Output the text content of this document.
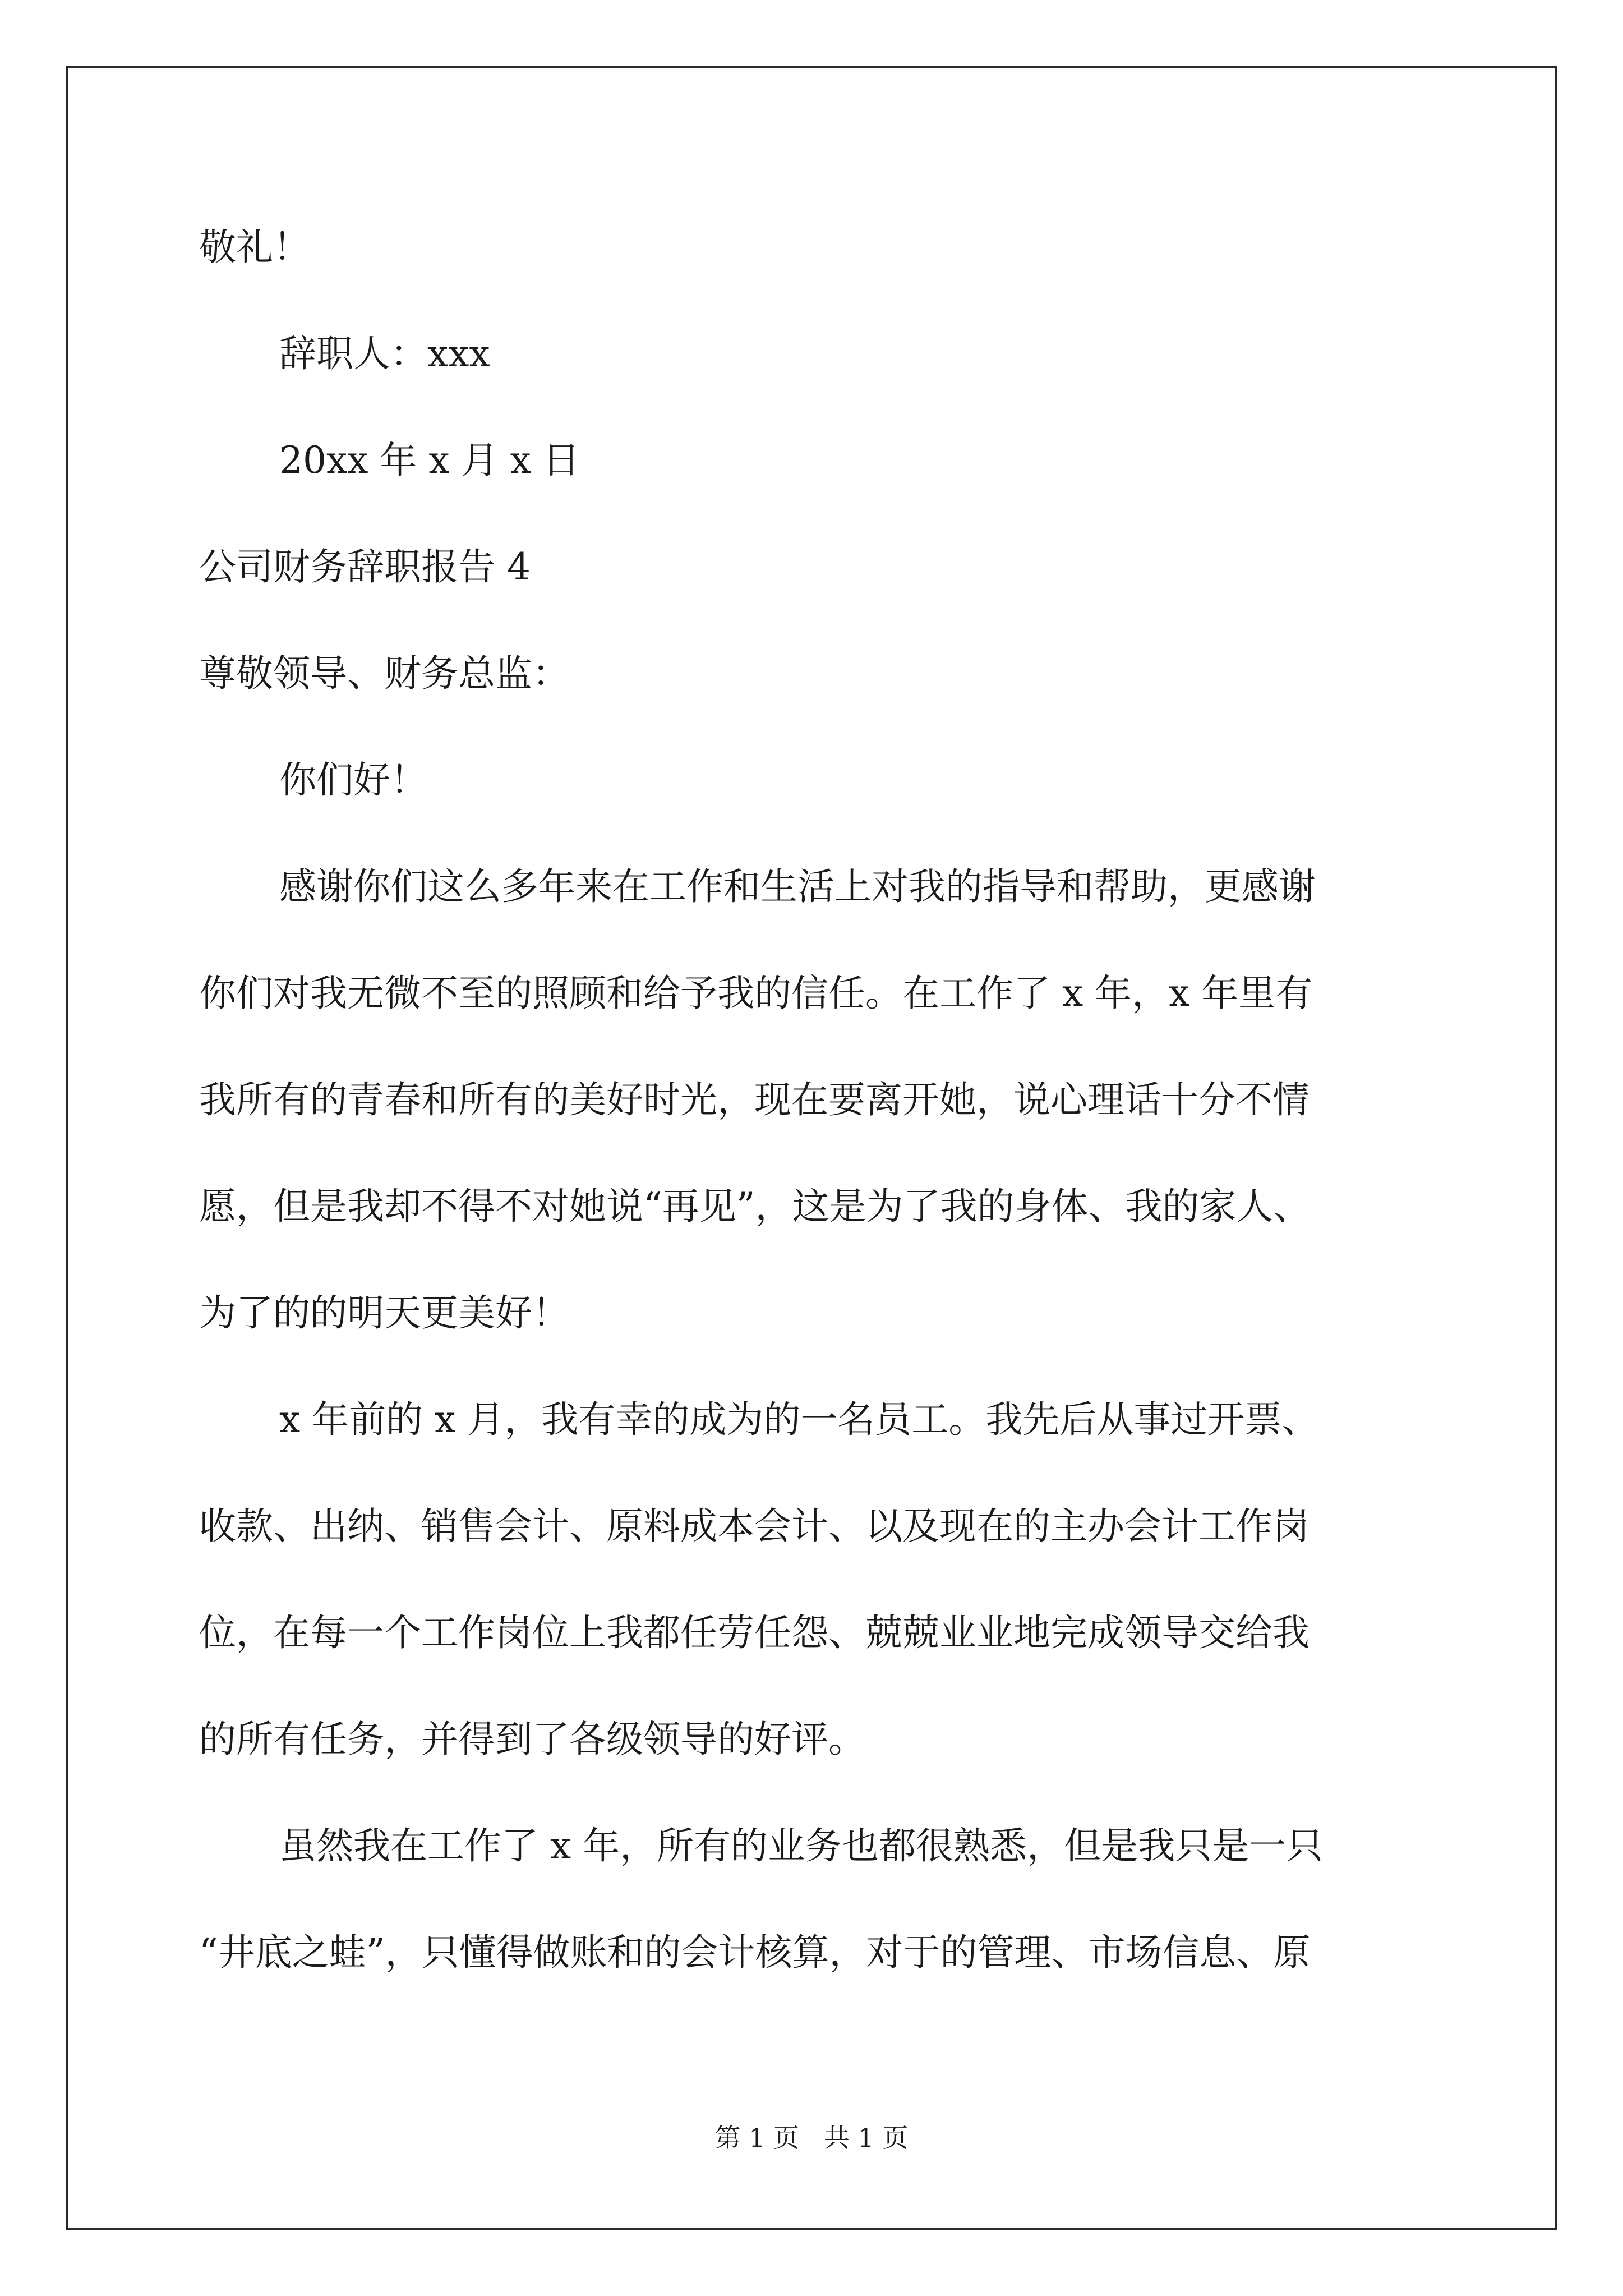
敬礼！
辞职人：xxx
20xx 年 x 月 x 日
公司财务辞职报告 4
尊敬领导、财务总监：
你们好！
感谢你们这么多年来在工作和生活上对我的指导和帮助，更感谢
你们对我无微不至的照顾和给予我的信任。在工作了 x 年，x 年里有
我所有的青春和所有的美好时光，现在要离开她，说心理话十分不情
愿，但是我却不得不对她说“再见”，这是为了我的身体、我的家人、
为了的的明天更美好！
x 年前的 x 月，我有幸的成为的一名员工。我先后从事过开票、
收款、出纳、销售会计、原料成本会计、以及现在的主办会计工作岗
位，在每一个工作岗位上我都任劳任怨、兢兢业业地完成领导交给我
的所有任务，并得到了各级领导的好评。
虽然我在工作了 x 年，所有的业务也都很熟悉，但是我只是一只
“井底之蛙”，只懂得做账和的会计核算，对于的管理、市场信息、原
第 1 页   共 1 页
